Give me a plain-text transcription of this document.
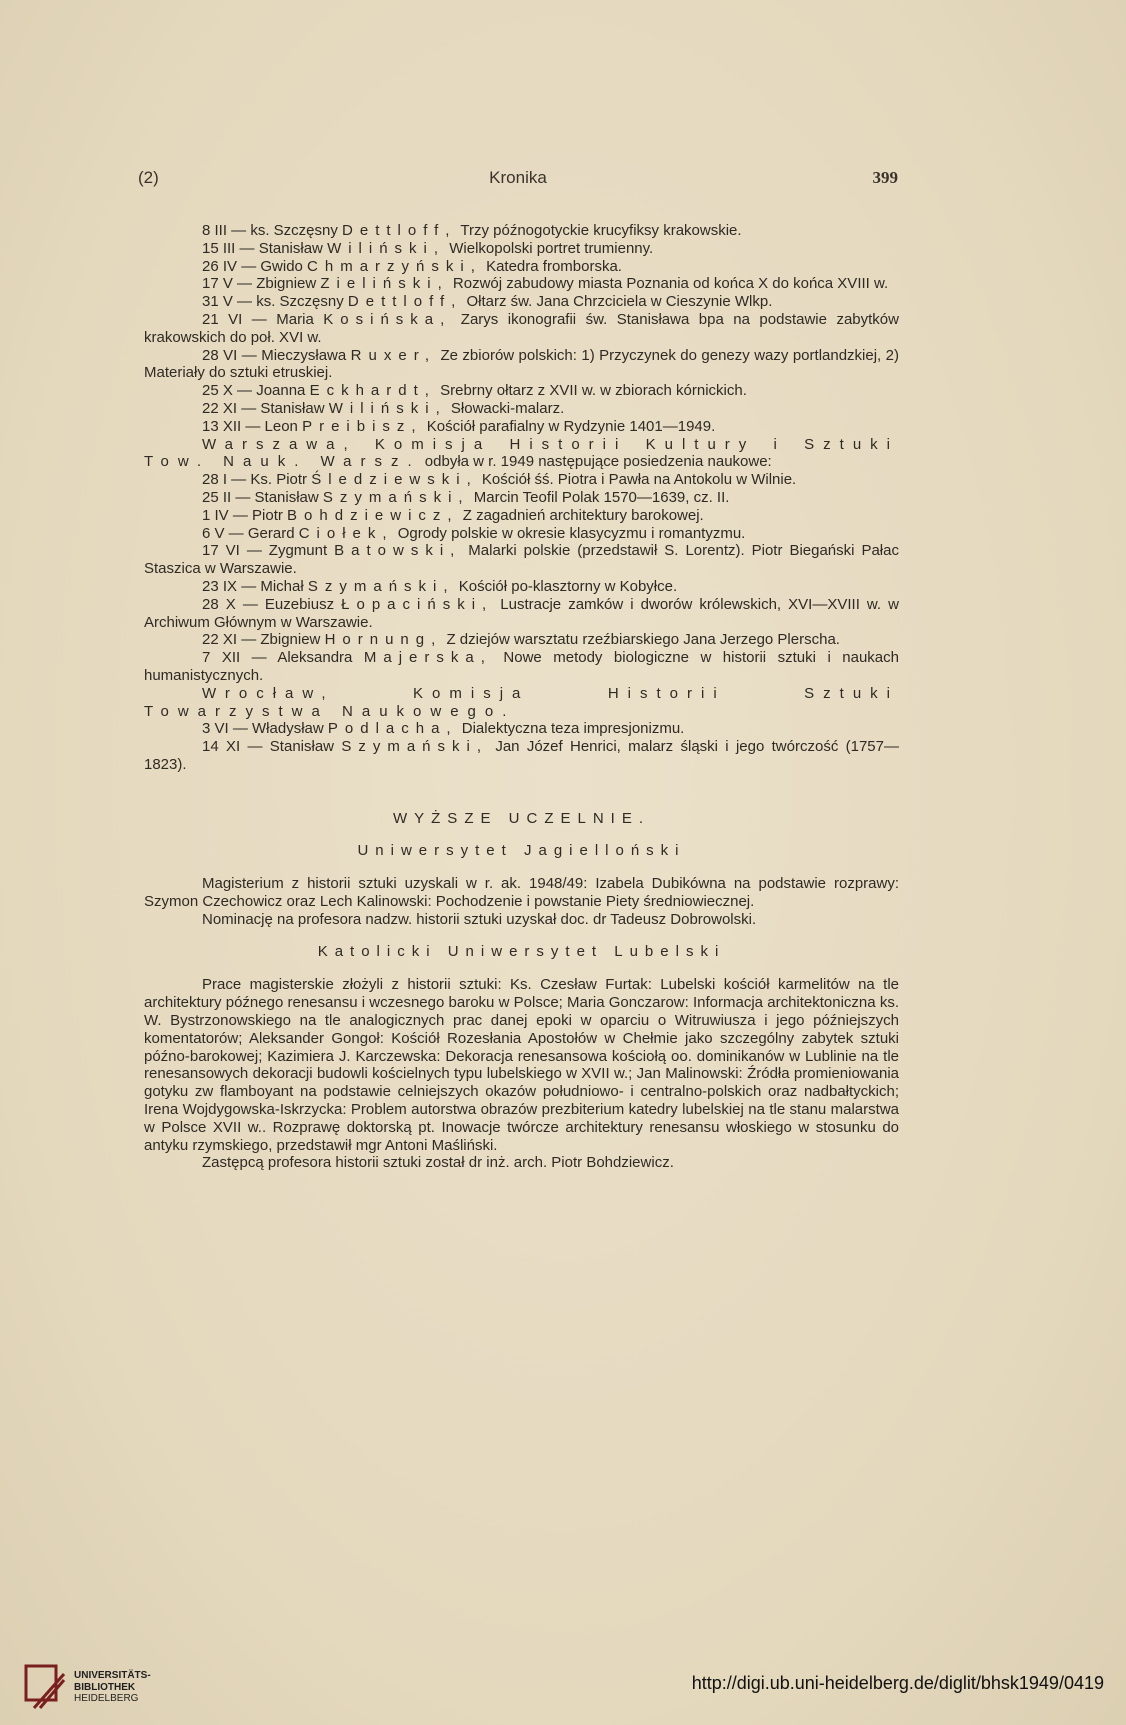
(2)	Kronika	399

8 III — ks. Szczęsny Dettloff, Trzy późnogotyckie krucyfiksy krakowskie.

15 III — Stanisław Wiliński, Wielkopolski portret trumienny.

26 IV — Gwido Chmarzyński, Katedra fromborska.

17 V — Zbigniew Zieliński, Rozwój zabudowy miasta Poznania od końca X do końca XVIII w.

31 V — ks. Szczęsny Dettloff, Ołtarz św. Jana Chrzciciela w Cieszynie Wlkp.

21 VI — Maria Kosińska, Zarys ikonografii św. Stanisława bpa na podstawie zabytków krakowskich do poł. XVI w.

28 VI — Mieczysława Ruxer, Ze zbiorów polskich: 1) Przyczynek do genezy wazy portlandzkiej, 2) Materiały do sztuki etruskiej.

25 X — Joanna Eckhardt, Srebrny ołtarz z XVII w. w zbiorach kórnickich.

22 XI — Stanisław Wiliński, Słowacki-malarz.

13 XII — Leon Preibisz, Kościół parafialny w Rydzynie 1401—1949.

Warszawa, Komisja Historii Kultury i Sztuki Tow. Nauk. Warsz. odbyła w r. 1949 następujące posiedzenia naukowe:

28 I — Ks. Piotr Śledziewski, Kościół śś. Piotra i Pawła na Antokolu w Wilnie.

25 II — Stanisław Szymański, Marcin Teofil Polak 1570—1639, cz. II.

1 IV — Piotr Bohdziewicz, Z zagadnień architektury barokowej.

6 V — Gerard Ciołek, Ogrody polskie w okresie klasycyzmu i romantyzmu.

17 VI — Zygmunt Batowski, Malarki polskie (przedstawił S. Lorentz). Piotr Biegański Pałac Staszica w Warszawie.

23 IX — Michał Szymański, Kościół po-klasztorny w Kobyłce.

28 X — Euzebiusz Łopaciński, Lustracje zamków i dworów królewskich, XVI—XVIII w. w Archiwum Głównym w Warszawie.

22 XI — Zbigniew Hornung, Z dziejów warsztatu rzeźbiarskiego Jana Jerzego Plerscha.

7 XII — Aleksandra Majerska, Nowe metody biologiczne w historii sztuki i naukach humanistycznych.

Wrocław, Komisja Historii Sztuki Towarzystwa Naukowego.

3 VI — Władysław Podlacha, Dialektyczna teza impresjonizmu.

14 XI — Stanisław Szymański, Jan Józef Henrici, malarz śląski i jego twórczość (1757—1823).

WYŻSZE UCZELNIE.

Uniwersytet Jagielloński

Magisterium z historii sztuki uzyskali w r. ak. 1948/49: Izabela Dubikówna na podstawie rozprawy: Szymon Czechowicz oraz Lech Kalinowski: Pochodzenie i powstanie Piety średniowiecznej.

Nominację na profesora nadzw. historii sztuki uzyskał doc. dr Tadeusz Dobrowolski.

Katolicki Uniwersytet Lubelski

Prace magisterskie złożyli z historii sztuki: Ks. Czesław Furtak: Lubelski kościół karmelitów na tle architektury późnego renesansu i wczesnego baroku w Polsce; Maria Gonczarow: Informacja architektoniczna ks. W. Bystrzonowskiego na tle analogicznych prac danej epoki w oparciu o Witruwiusza i jego późniejszych komentatorów; Aleksander Gongoł: Kościół Rozesłania Apostołów w Chełmie jako szczególny zabytek sztuki późno-barokowej; Kazimiera J. Karczewska: Dekoracja renesansowa kościołą oo. dominikanów w Lublinie na tle renesansowych dekoracji budowli kościelnych typu lubelskiego w XVII w.; Jan Malinowski: Źródła promieniowania gotyku zw flamboyant na podstawie celniejszych okazów południowo- i centralno-polskich oraz nadbałtyckich; Irena Wojdygowska-Iskrzycka: Problem autorstwa obrazów prezbiterium katedry lubelskiej na tle stanu malarstwa w Polsce XVII w.. Rozprawę doktorską pt. Inowacje twórcze architektury renesansu włoskiego w stosunku do antyku rzymskiego, przedstawił mgr Antoni Maśliński.

Zastępcą profesora historii sztuki został dr inż. arch. Piotr Bohdziewicz.

UNIVERSITÄTS-
BIBLIOTHEK
HEIDELBERG
http://digi.ub.uni-heidelberg.de/diglit/bhsk1949/0419
